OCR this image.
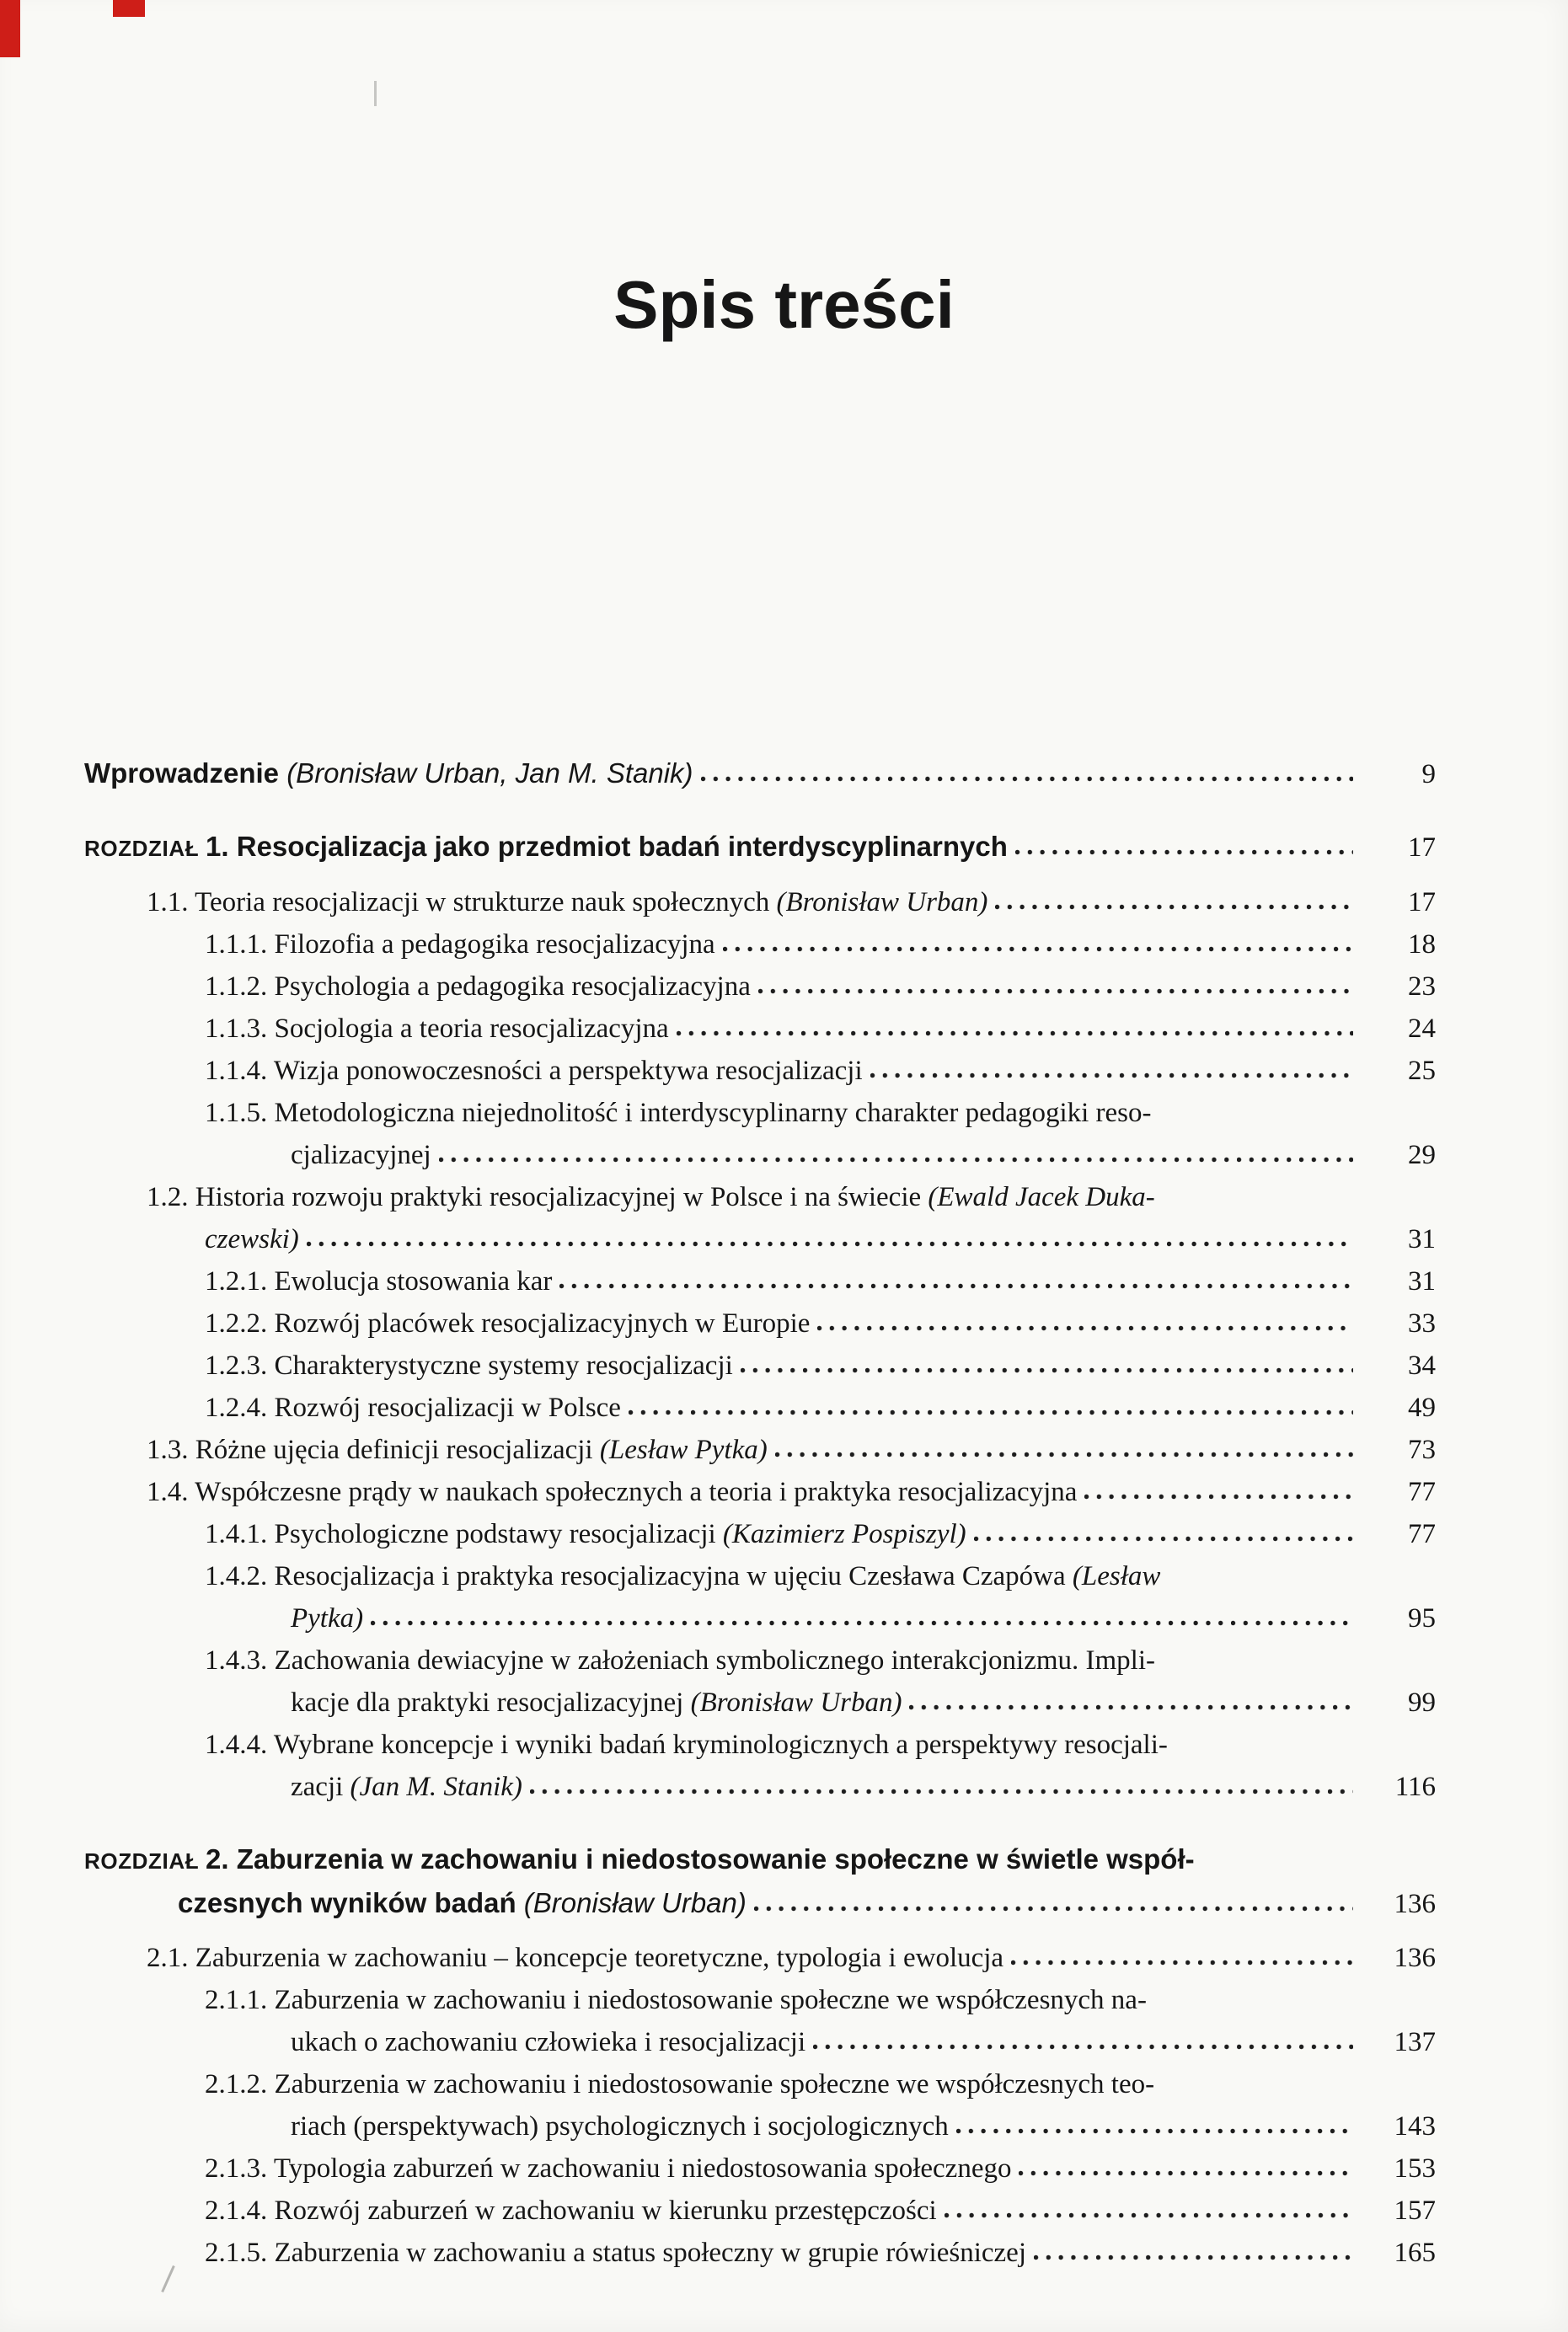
Spis treści
Wprowadzenie (Bronisław Urban, Jan M. Stanik)	9
ROZDZIAŁ 1. Resocjalizacja jako przedmiot badań interdyscyplinarnych	17
1.1. Teoria resocjalizacji w strukturze nauk społecznych (Bronisław Urban)	17
1.1.1. Filozofia a pedagogika resocjalizacyjna	18
1.1.2. Psychologia a pedagogika resocjalizacyjna	23
1.1.3. Socjologia a teoria resocjalizacyjna	24
1.1.4. Wizja ponowoczesności a perspektywa resocjalizacji	25
1.1.5. Metodologiczna niejednolitość i interdyscyplinarny charakter pedagogiki reso-
cjalizacyjnej	29
1.2. Historia rozwoju praktyki resocjalizacyjnej w Polsce i na świecie (Ewald Jacek Duka-
czewski)	31
1.2.1. Ewolucja stosowania kar	31
1.2.2. Rozwój placówek resocjalizacyjnych w Europie	33
1.2.3. Charakterystyczne systemy resocjalizacji	34
1.2.4. Rozwój resocjalizacji w Polsce	49
1.3. Różne ujęcia definicji resocjalizacji (Lesław Pytka)	73
1.4. Współczesne prądy w naukach społecznych a teoria i praktyka resocjalizacyjna	77
1.4.1. Psychologiczne podstawy resocjalizacji (Kazimierz Pospiszyl)	77
1.4.2. Resocjalizacja i praktyka resocjalizacyjna w ujęciu Czesława Czapówa (Lesław
Pytka)	95
1.4.3. Zachowania dewiacyjne w założeniach symbolicznego interakcjonizmu. Impli-
kacje dla praktyki resocjalizacyjnej (Bronisław Urban)	99
1.4.4. Wybrane koncepcje i wyniki badań kryminologicznych a perspektywy resocjali-
zacji (Jan M. Stanik)	116
ROZDZIAŁ 2. Zaburzenia w zachowaniu i niedostosowanie społeczne w świetle współ-
czesnych wyników badań (Bronisław Urban)	136
2.1. Zaburzenia w zachowaniu – koncepcje teoretyczne, typologia i ewolucja	136
2.1.1. Zaburzenia w zachowaniu i niedostosowanie społeczne we współczesnych na-
ukach o zachowaniu człowieka i resocjalizacji	137
2.1.2. Zaburzenia w zachowaniu i niedostosowanie społeczne we współczesnych teo-
riach (perspektywach) psychologicznych i socjologicznych	143
2.1.3. Typologia zaburzeń w zachowaniu i niedostosowania społecznego	153
2.1.4. Rozwój zaburzeń w zachowaniu w kierunku przestępczości	157
2.1.5. Zaburzenia w zachowaniu a status społeczny w grupie rówieśniczej	165
